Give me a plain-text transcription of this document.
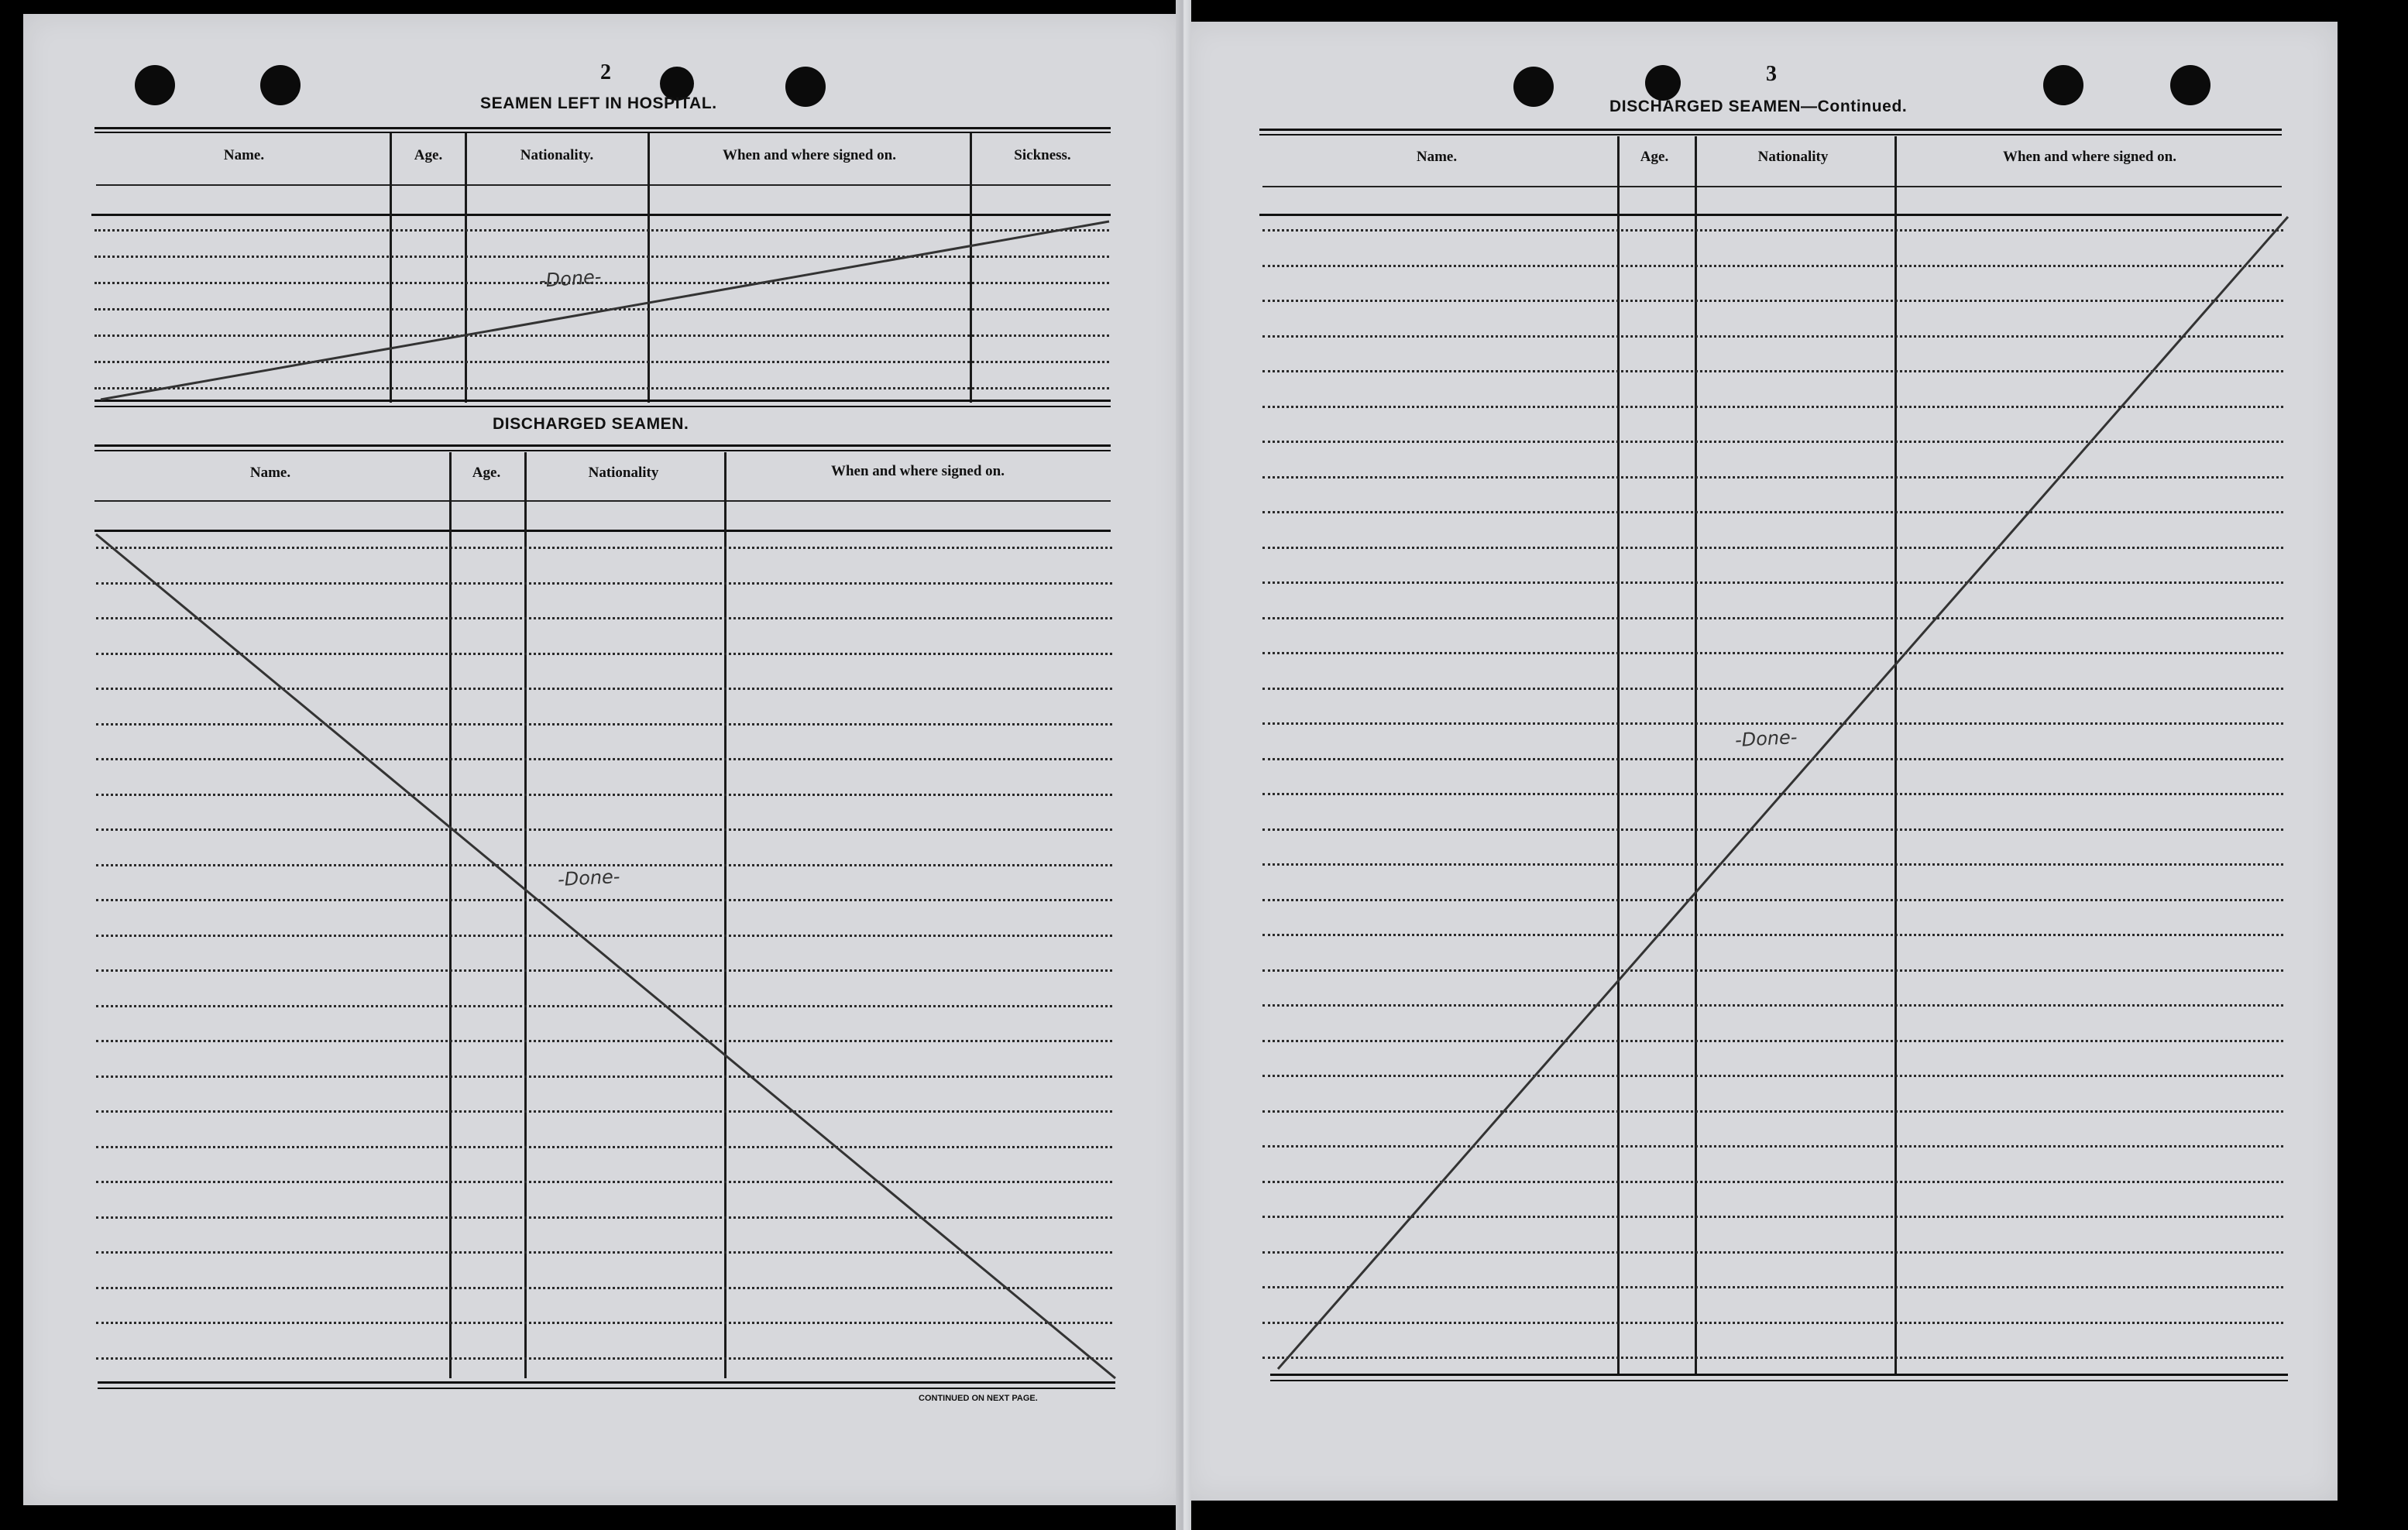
2
SEAMEN LEFT IN HOSPITAL.
Name.	Age.	Nationality.	When and where signed on.	Sickness.
-Done-
DISCHARGED SEAMEN.
Name.	Age.	Nationality	When and where signed on.
-Done-
CONTINUED ON NEXT PAGE.
3
DISCHARGED SEAMEN—Continued.
Name.	Age.	Nationality	When and where signed on.
-Done-
